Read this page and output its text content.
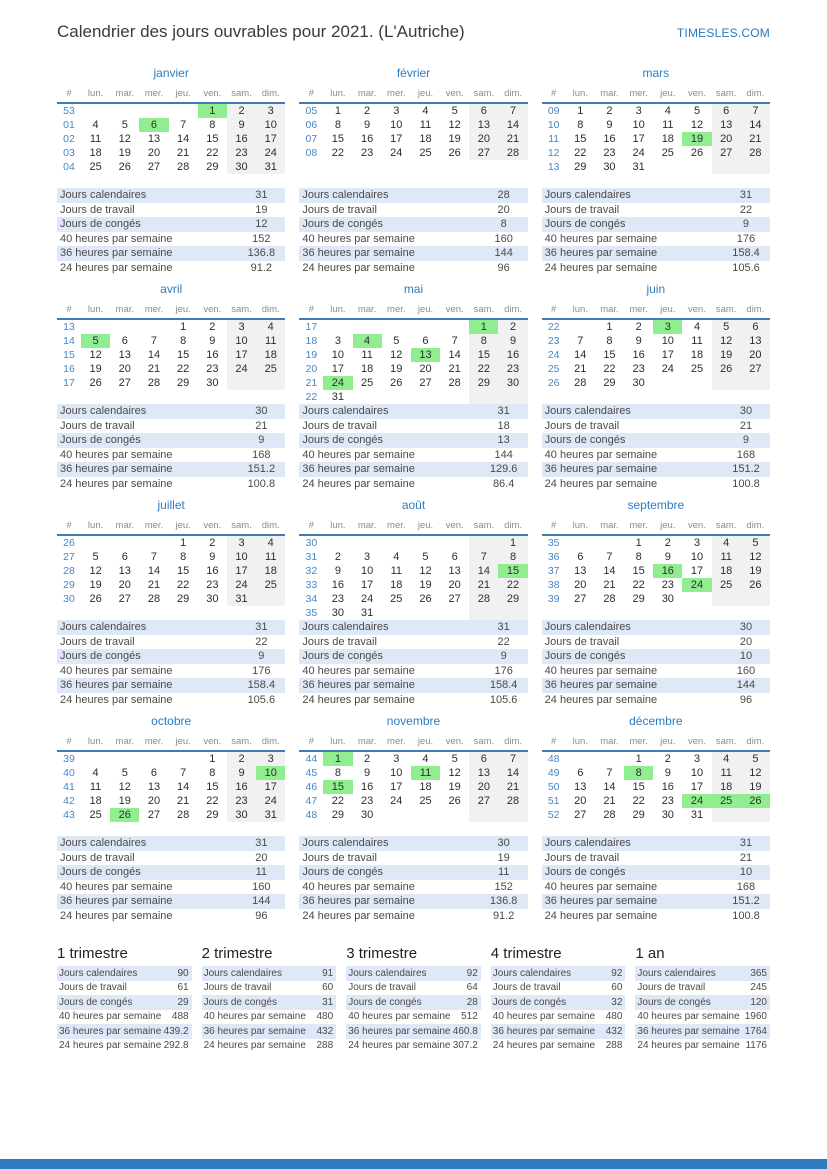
Calendrier des jours ouvrables pour 2021. (L'Autriche)	TIMESLES.COM
janvier
#	lun.	mar.	mer.	jeu.	ven.	sam.	dim.
53					1	2	3
01	4	5	6	7	8	9	10
02	11	12	13	14	15	16	17
03	18	19	20	21	22	23	24
04	25	26	27	28	29	30	31
Jours calendaires	31
Jours de travail	19
Jours de congés	12
40 heures par semaine	152
36 heures par semaine	136.8
24 heures par semaine	91.2
février
#	lun.	mar.	mer.	jeu.	ven.	sam.	dim.
05	1	2	3	4	5	6	7
06	8	9	10	11	12	13	14
07	15	16	17	18	19	20	21
08	22	23	24	25	26	27	28
Jours calendaires	28
Jours de travail	20
Jours de congés	8
40 heures par semaine	160
36 heures par semaine	144
24 heures par semaine	96
mars
#	lun.	mar.	mer.	jeu.	ven.	sam.	dim.
09	1	2	3	4	5	6	7
10	8	9	10	11	12	13	14
11	15	16	17	18	19	20	21
12	22	23	24	25	26	27	28
13	29	30	31				
Jours calendaires	31
Jours de travail	22
Jours de congés	9
40 heures par semaine	176
36 heures par semaine	158.4
24 heures par semaine	105.6
avril
#	lun.	mar.	mer.	jeu.	ven.	sam.	dim.
13				1	2	3	4
14	5	6	7	8	9	10	11
15	12	13	14	15	16	17	18
16	19	20	21	22	23	24	25
17	26	27	28	29	30		
Jours calendaires	30
Jours de travail	21
Jours de congés	9
40 heures par semaine	168
36 heures par semaine	151.2
24 heures par semaine	100.8
mai
#	lun.	mar.	mer.	jeu.	ven.	sam.	dim.
17						1	2
18	3	4	5	6	7	8	9
19	10	11	12	13	14	15	16
20	17	18	19	20	21	22	23
21	24	25	26	27	28	29	30
22	31						
Jours calendaires	31
Jours de travail	18
Jours de congés	13
40 heures par semaine	144
36 heures par semaine	129.6
24 heures par semaine	86.4
juin
#	lun.	mar.	mer.	jeu.	ven.	sam.	dim.
22		1	2	3	4	5	6
23	7	8	9	10	11	12	13
24	14	15	16	17	18	19	20
25	21	22	23	24	25	26	27
26	28	29	30				
Jours calendaires	30
Jours de travail	21
Jours de congés	9
40 heures par semaine	168
36 heures par semaine	151.2
24 heures par semaine	100.8
juillet
#	lun.	mar.	mer.	jeu.	ven.	sam.	dim.
26				1	2	3	4
27	5	6	7	8	9	10	11
28	12	13	14	15	16	17	18
29	19	20	21	22	23	24	25
30	26	27	28	29	30	31	
Jours calendaires	31
Jours de travail	22
Jours de congés	9
40 heures par semaine	176
36 heures par semaine	158.4
24 heures par semaine	105.6
août
#	lun.	mar.	mer.	jeu.	ven.	sam.	dim.
30							1
31	2	3	4	5	6	7	8
32	9	10	11	12	13	14	15
33	16	17	18	19	20	21	22
34	23	24	25	26	27	28	29
35	30	31					
Jours calendaires	31
Jours de travail	22
Jours de congés	9
40 heures par semaine	176
36 heures par semaine	158.4
24 heures par semaine	105.6
septembre
#	lun.	mar.	mer.	jeu.	ven.	sam.	dim.
35			1	2	3	4	5
36	6	7	8	9	10	11	12
37	13	14	15	16	17	18	19
38	20	21	22	23	24	25	26
39	27	28	29	30			
Jours calendaires	30
Jours de travail	20
Jours de congés	10
40 heures par semaine	160
36 heures par semaine	144
24 heures par semaine	96
octobre
#	lun.	mar.	mer.	jeu.	ven.	sam.	dim.
39					1	2	3
40	4	5	6	7	8	9	10
41	11	12	13	14	15	16	17
42	18	19	20	21	22	23	24
43	25	26	27	28	29	30	31
Jours calendaires	31
Jours de travail	20
Jours de congés	11
40 heures par semaine	160
36 heures par semaine	144
24 heures par semaine	96
novembre
#	lun.	mar.	mer.	jeu.	ven.	sam.	dim.
44	1	2	3	4	5	6	7
45	8	9	10	11	12	13	14
46	15	16	17	18	19	20	21
47	22	23	24	25	26	27	28
48	29	30					
Jours calendaires	30
Jours de travail	19
Jours de congés	11
40 heures par semaine	152
36 heures par semaine	136.8
24 heures par semaine	91.2
décembre
#	lun.	mar.	mer.	jeu.	ven.	sam.	dim.
48			1	2	3	4	5
49	6	7	8	9	10	11	12
50	13	14	15	16	17	18	19
51	20	21	22	23	24	25	26
52	27	28	29	30	31		
Jours calendaires	31
Jours de travail	21
Jours de congés	10
40 heures par semaine	168
36 heures par semaine	151.2
24 heures par semaine	100.8
1 trimestre
Jours calendaires	90
Jours de travail	61
Jours de congés	29
40 heures par semaine	488
36 heures par semaine 439.2
24 heures par semaine 292.8
2 trimestre
Jours calendaires	91
Jours de travail	60
Jours de congés	31
40 heures par semaine	480
36 heures par semaine	432
24 heures par semaine	288
3 trimestre
Jours calendaires	92
Jours de travail	64
Jours de congés	28
40 heures par semaine	512
36 heures par semaine 460.8
24 heures par semaine 307.2
4 trimestre
Jours calendaires	92
Jours de travail	60
Jours de congés	32
40 heures par semaine	480
36 heures par semaine	432
24 heures par semaine	288
1 an
Jours calendaires	365
Jours de travail	245
Jours de congés	120
40 heures par semaine 1960
36 heures par semaine 1764
24 heures par semaine 1176
